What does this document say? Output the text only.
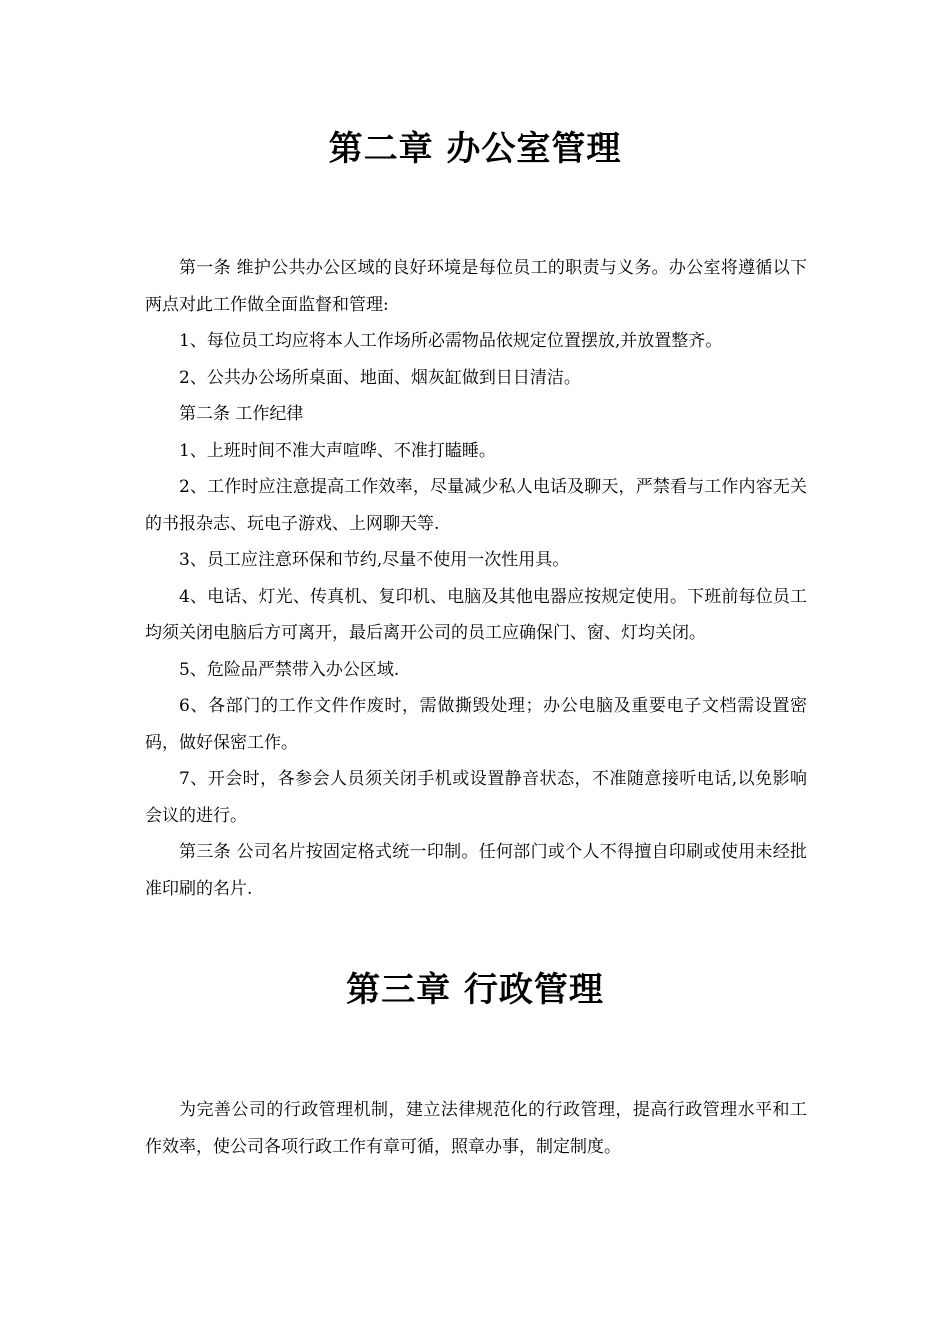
第二章 办公室管理

第一条 维护公共办公区域的良好环境是每位员工的职责与义务。办公室将遵循以下两点对此工作做全面监督和管理:

1、每位员工均应将本人工作场所必需物品依规定位置摆放,并放置整齐。

2、公共办公场所桌面、地面、烟灰缸做到日日清洁。

第二条 工作纪律

1、上班时间不准大声喧哗、不准打瞌睡。

2、工作时应注意提高工作效率，尽量减少私人电话及聊天，严禁看与工作内容无关的书报杂志、玩电子游戏、上网聊天等.

3、员工应注意环保和节约,尽量不使用一次性用具。

4、电话、灯光、传真机、复印机、电脑及其他电器应按规定使用。下班前每位员工均须关闭电脑后方可离开，最后离开公司的员工应确保门、窗、灯均关闭。

5、危险品严禁带入办公区域.

6、各部门的工作文件作废时，需做撕毁处理；办公电脑及重要电子文档需设置密码，做好保密工作。

7、开会时，各参会人员须关闭手机或设置静音状态，不准随意接听电话,以免影响会议的进行。

第三条 公司名片按固定格式统一印制。任何部门或个人不得擅自印刷或使用未经批准印刷的名片.

第三章 行政管理

为完善公司的行政管理机制，建立法律规范化的行政管理，提高行政管理水平和工作效率，使公司各项行政工作有章可循，照章办事，制定制度。
